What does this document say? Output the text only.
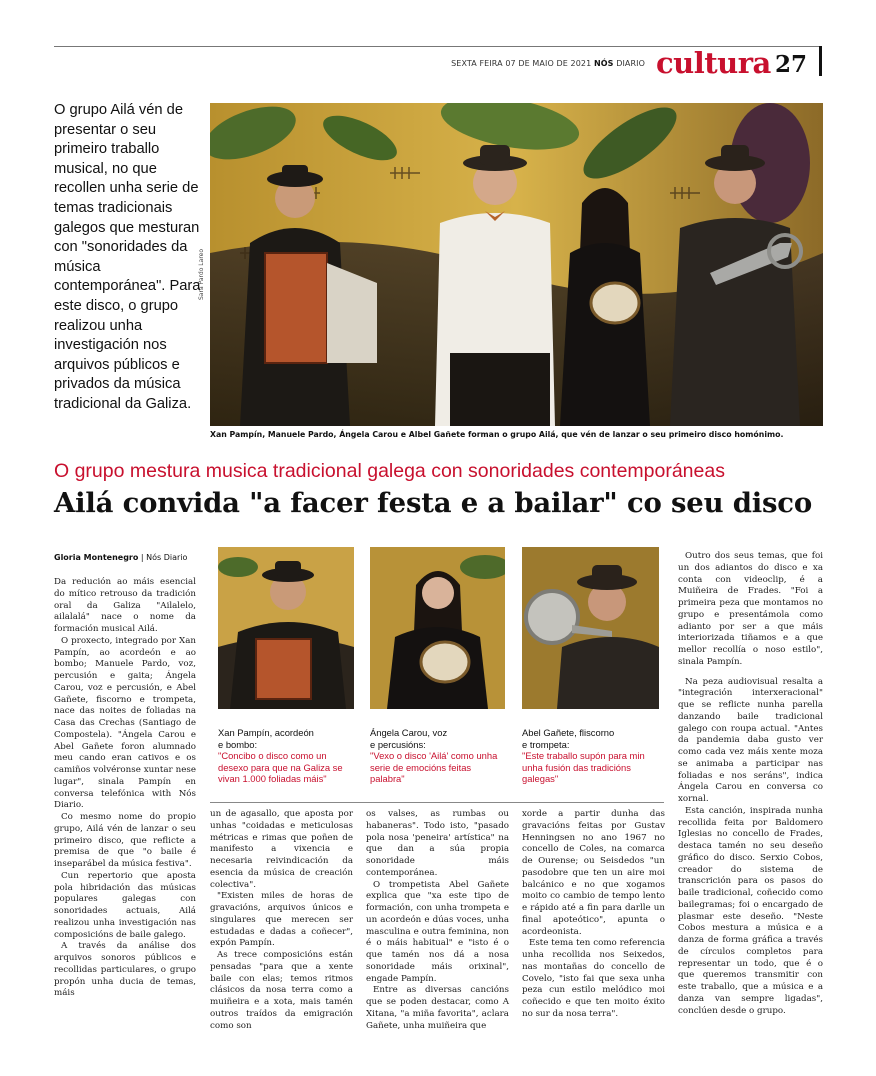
SEXTA FEIRA 07 DE MAIO DE 2021 NÓS DIARIO cultura 27
O grupo Ailá vén de presentar o seu primeiro traballo musical, no que recollen unha serie de temas tradicionais galegos que mesturan con "sonoridades da música contemporánea". Para este disco, o grupo realizou unha investigación nos arquivos públicos e privados da música tradicional da Galiza.
Sara Pardo Lareo
Xan Pampín, Manuele Pardo, Ángela Carou e Albel Gañete forman o grupo Ailá, que vén de lanzar o seu primeiro disco homónimo.
O grupo mestura musica tradicional galega con sonoridades contemporáneas
Ailá convida "a facer festa e a bailar" co seu disco
Gloria Montenegro | Nós Diario

Da redución ao máis esencial do mítico retrouso da tradición oral da Galiza "Ailalelo, ailalalá" nace o nome da formación musical Ailá.

O proxecto, integrado por Xan Pampín, ao acordeón e ao bombo; Manuele Pardo, voz, percusión e gaita; Ángela Carou, voz e percusión, e Abel Gañete, fiscorno e trompeta, nace das noites de foliadas na Casa das Crechas (Santiago de Compostela). "Ángela Carou e Abel Gañete foron alumnado meu cando eran cativos e os camiños volvéronse xuntar nese lugar", sinala Pampín en conversa telefónica with Nós Diario.

Co mesmo nome do propio grupo, Ailá vén de lanzar o seu primeiro disco, que reflicte a premisa de que "o baile é inseparábel da música festiva".

Cun repertorio que aposta pola hibridación das músicas populares galegas con sonoridades actuais, Ailá realizou unha investigación nas composicións de baile galego.

A través da análise dos arquivos sonoros públicos e recollidas particulares, o grupo propón unha ducia de temas, máis

Xan Pampín, acordeón
e bombo:
"Concibo o disco como un desexo para que na Galiza se vivan 1.000 foliadas máis"
Ángela Carou, voz
e percusións:
"Vexo o disco 'Ailá' como unha serie de emocións feitas palabra"
Abel Gañete, fliscorno
e trompeta:
"Este traballo supón para min unha fusión das tradicións galegas"

un de agasallo, que aposta por unhas "coidadas e meticulosas métricas e rimas que poñen de manifesto a vixencia e necesaria reivindicación da esencia da música de creación colectiva".

"Existen miles de horas de gravacións, arquivos únicos e singulares que merecen ser estudadas e dadas a coñecer", expón Pampín.

As trece composicións están pensadas "para que a xente baile con elas; temos ritmos clásicos da nosa terra como a muiñeira e a xota, mais tamén outros traídos da emigración como son

os valses, as rumbas ou habaneras". Todo isto, "pasado pola nosa 'peneira' artística" na que dan a súa propia sonoridade máis contemporánea.

O trompetista Abel Gañete explica que "xa este tipo de formación, con unha trompeta e un acordeón e dúas voces, unha masculina e outra feminina, non é o máis habitual" e "isto é o que tamén nos dá a nosa sonoridade máis orixinal", engade Pampín.

Entre as diversas cancións que se poden destacar, como A Xitana, "a miña favorita", aclara Gañete, unha muiñeira que

xorde a partir dunha das gravacións feitas por Gustav Henningsen no ano 1967 no concello de Coles, na comarca de Ourense; ou Seisdedos "un pasodobre que ten un aire moi balcánico e no que xogamos moito co cambio de tempo lento e rápido até a fin para darlle un final apoteótico", apunta o acordeonista.

Este tema ten como referencia unha recollida nos Seixedos, nas montañas do concello de Covelo, "isto fai que sexa unha peza cun estilo melódico moi coñecido e que ten moito éxito no sur da nosa terra".

Outro dos seus temas, que foi un dos adiantos do disco e xa conta con videoclip, é a Muiñeira de Frades. "Foi a primeira peza que montamos no grupo e presentámola como adianto por ser a que máis interiorizada tiñamos e a que mellor recollía o noso estilo", sinala Pampín.

Na peza audiovisual resalta a "integración interxeracional" que se reflicte nunha parella danzando baile tradicional galego con roupa actual. "Antes da pandemia daba gusto ver como cada vez máis xente moza se animaba a participar nas foliadas e nos seráns", indica Ángela Carou en conversa co xornal.

Esta canción, inspirada nunha recollida feita por Baldomero Iglesias no concello de Frades, destaca tamén no seu deseño gráfico do disco. Serxio Cobos, creador do sistema de transcrición para os pasos do baile tradicional, coñecido como bailegramas; foi o encargado de plasmar este deseño. "Neste Cobos mestura a música e a danza de forma gráfica a través de círculos completos para representar un todo, que é o que queremos transmitir con este traballo, que a música e a danza van sempre ligadas", conclúen desde o grupo.
